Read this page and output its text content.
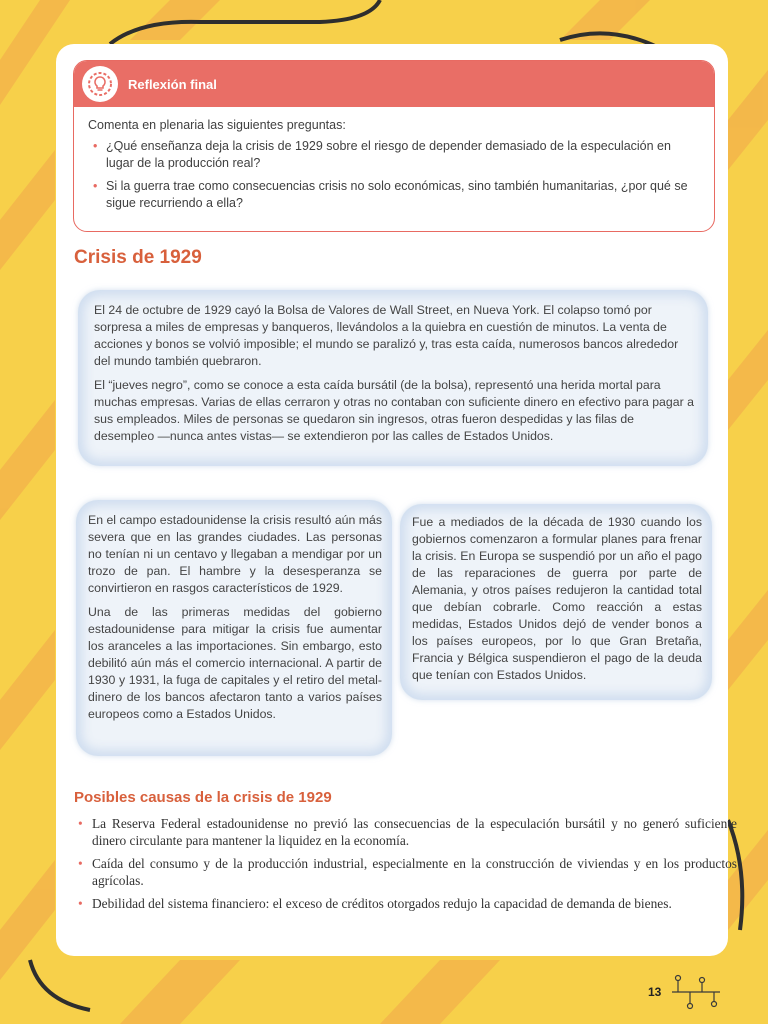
Reflexión final
Comenta en plenaria las siguientes preguntas:
• ¿Qué enseñanza deja la crisis de 1929 sobre el riesgo de depender demasiado de la especulación en lugar de la producción real?
• Si la guerra trae como consecuencias crisis no solo económicas, sino también humanitarias, ¿por qué se sigue recurriendo a ella?
Crisis de 1929

El 24 de octubre de 1929 cayó la Bolsa de Valores de Wall Street, en Nueva York. El colapso tomó por sorpresa a miles de empresas y banqueros, llevándolos a la quiebra en cuestión de minutos. La venta de acciones y bonos se volvió imposible; el mundo se paralizó y, tras esta caída, numerosos bancos alrededor del mundo también quebraron.

El “jueves negro”, como se conoce a esta caída bursátil (de la bolsa), representó una herida mortal para muchas empresas. Varias de ellas cerraron y otras no contaban con suficiente dinero en efectivo para pagar a sus empleados. Miles de personas se quedaron sin ingresos, otras fueron despedidas y las filas de desempleo —nunca antes vistas— se extendieron por las calles de Estados Unidos.

En el campo estadounidense la crisis resultó aún más severa que en las grandes ciudades. Las personas no tenían ni un centavo y llegaban a mendigar por un trozo de pan. El hambre y la desesperanza se convirtieron en rasgos característicos de 1929.

Una de las primeras medidas del gobierno estadounidense para mitigar la crisis fue aumentar los aranceles a las importaciones. Sin embargo, esto debilitó aún más el comercio internacional. A partir de 1930 y 1931, la fuga de capitales y el retiro del metal-dinero de los bancos afectaron tanto a varios países europeos como a Estados Unidos.

Fue a mediados de la década de 1930 cuando los gobiernos comenzaron a formular planes para frenar la crisis. En Europa se suspendió por un año el pago de las reparaciones de guerra por parte de Alemania, y otros países redujeron la cantidad total que debían cobrarle. Como reacción a estas medidas, Estados Unidos dejó de vender bonos a los países europeos, por lo que Gran Bretaña, Francia y Bélgica suspendieron el pago de la deuda que tenían con Estados Unidos.

Posibles causas de la crisis de 1929
• La Reserva Federal estadounidense no previó las consecuencias de la especulación bursátil y no generó suficiente dinero circulante para mantener la liquidez en la economía.
• Caída del consumo y de la producción industrial, especialmente en la construcción de viviendas y en los productos agrícolas.
• Debilidad del sistema financiero: el exceso de créditos otorgados redujo la capacidad de demanda de bienes.
13
